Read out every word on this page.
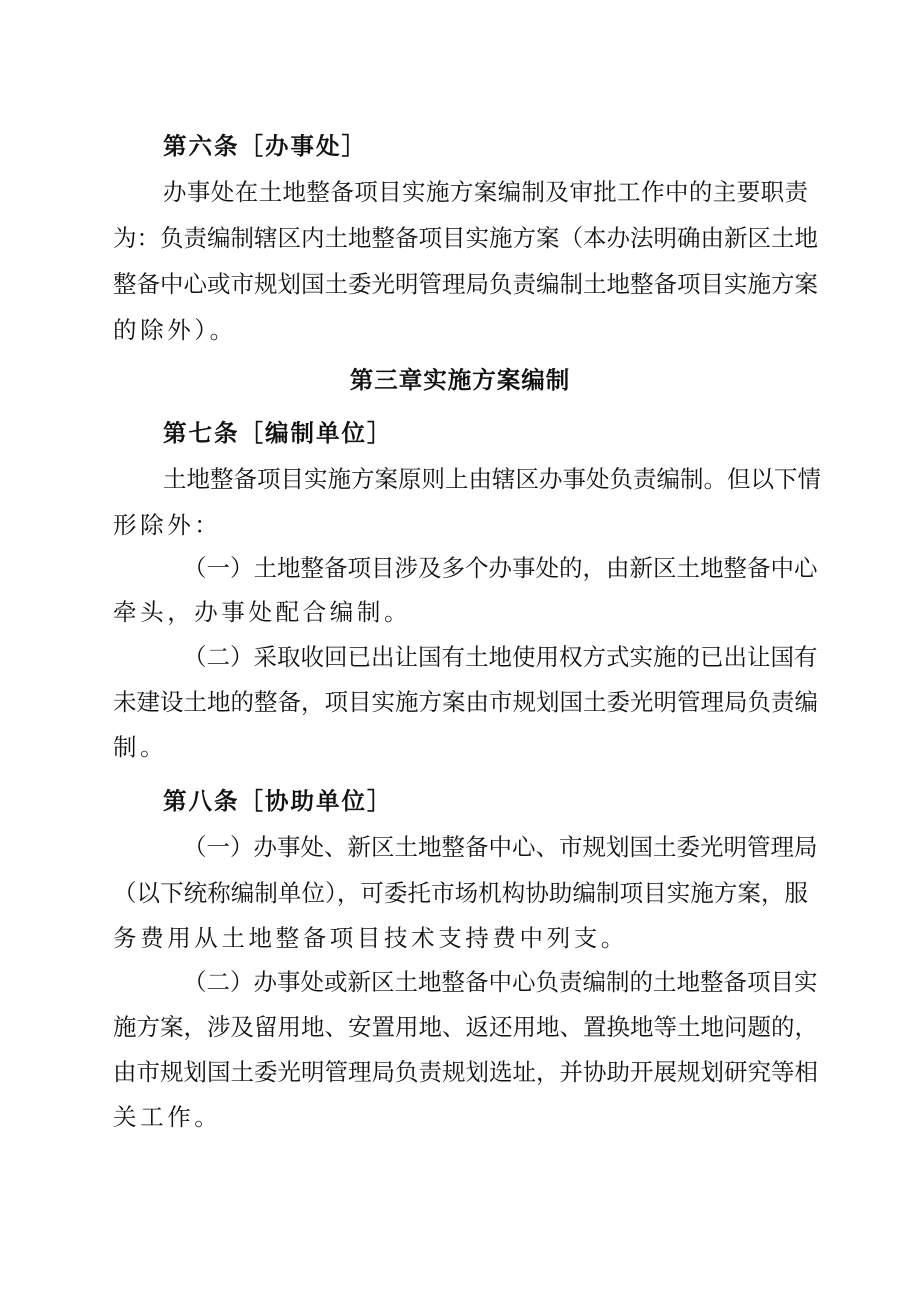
第六条［办事处］
办事处在土地整备项目实施方案编制及审批工作中的主要职责
为：负责编制辖区内土地整备项目实施方案（本办法明确由新区土地
整备中心或市规划国土委光明管理局负责编制土地整备项目实施方案
的除外）。
第三章实施方案编制
第七条［编制单位］
土地整备项目实施方案原则上由辖区办事处负责编制。但以下情
形除外：
（一）土地整备项目涉及多个办事处的，由新区土地整备中心
牵头，办事处配合编制。
（二）采取收回已出让国有土地使用权方式实施的已出让国有
未建设土地的整备，项目实施方案由市规划国土委光明管理局负责编
制。
第八条［协助单位］
（一）办事处、新区土地整备中心、市规划国土委光明管理局
（以下统称编制单位），可委托市场机构协助编制项目实施方案，服
务费用从土地整备项目技术支持费中列支。
（二）办事处或新区土地整备中心负责编制的土地整备项目实
施方案，涉及留用地、安置用地、返还用地、置换地等土地问题的，
由市规划国土委光明管理局负责规划选址，并协助开展规划研究等相
关工作。
